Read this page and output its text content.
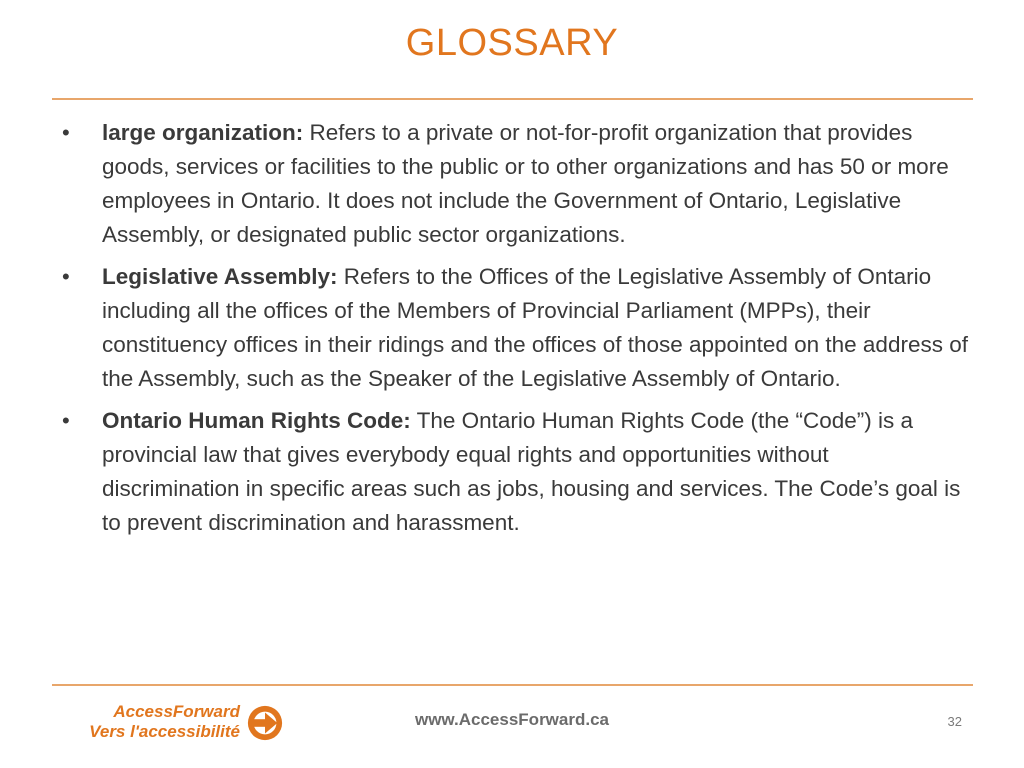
GLOSSARY
• large organization: Refers to a private or not-for-profit organization that provides goods, services or facilities to the public or to other organizations and has 50 or more employees in Ontario. It does not include the Government of Ontario, Legislative Assembly, or designated public sector organizations.
• Legislative Assembly: Refers to the Offices of the Legislative Assembly of Ontario including all the offices of the Members of Provincial Parliament (MPPs), their constituency offices in their ridings and the offices of those appointed on the address of the Assembly, such as the Speaker of the Legislative Assembly of Ontario.
• Ontario Human Rights Code: The Ontario Human Rights Code (the “Code”) is a provincial law that gives everybody equal rights and opportunities without discrimination in specific areas such as jobs, housing and services. The Code’s goal is to prevent discrimination and harassment.
AccessForward
Vers l'accessibilité
www.AccessForward.ca	32
